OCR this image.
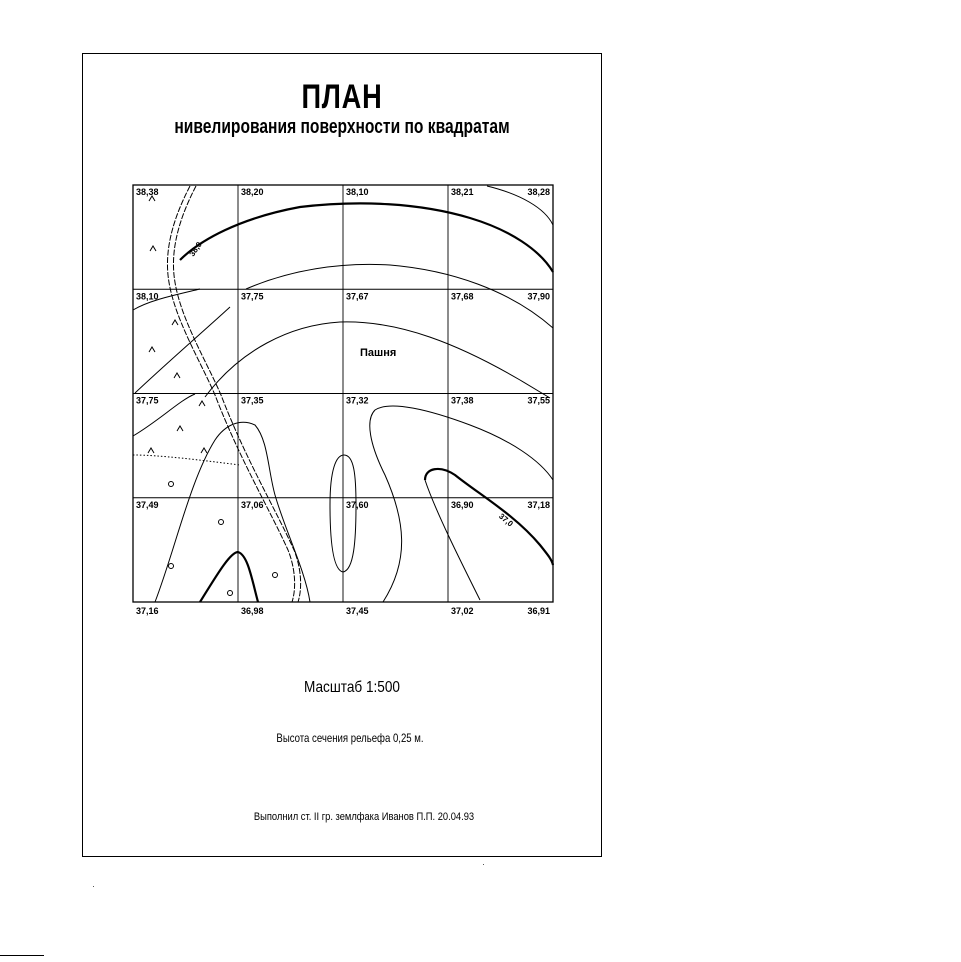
ПЛАН
нивелирования поверхности по квадратам
Масштаб 1:500
Высота сечения рельефа 0,25 м.
Выполнил ст. II гр. землфака Иванов П.П. 20.04.93
38,0
37,0
Пашня
38,38	38,20	38,10	38,21	38,28
38,10	37,75	37,67	37,68	37,90
37,75	37,35	37,32	37,38	37,55
37,49	37,06	37,60	36,90	37,18
37,16	36,98	37,45	37,02	36,91
